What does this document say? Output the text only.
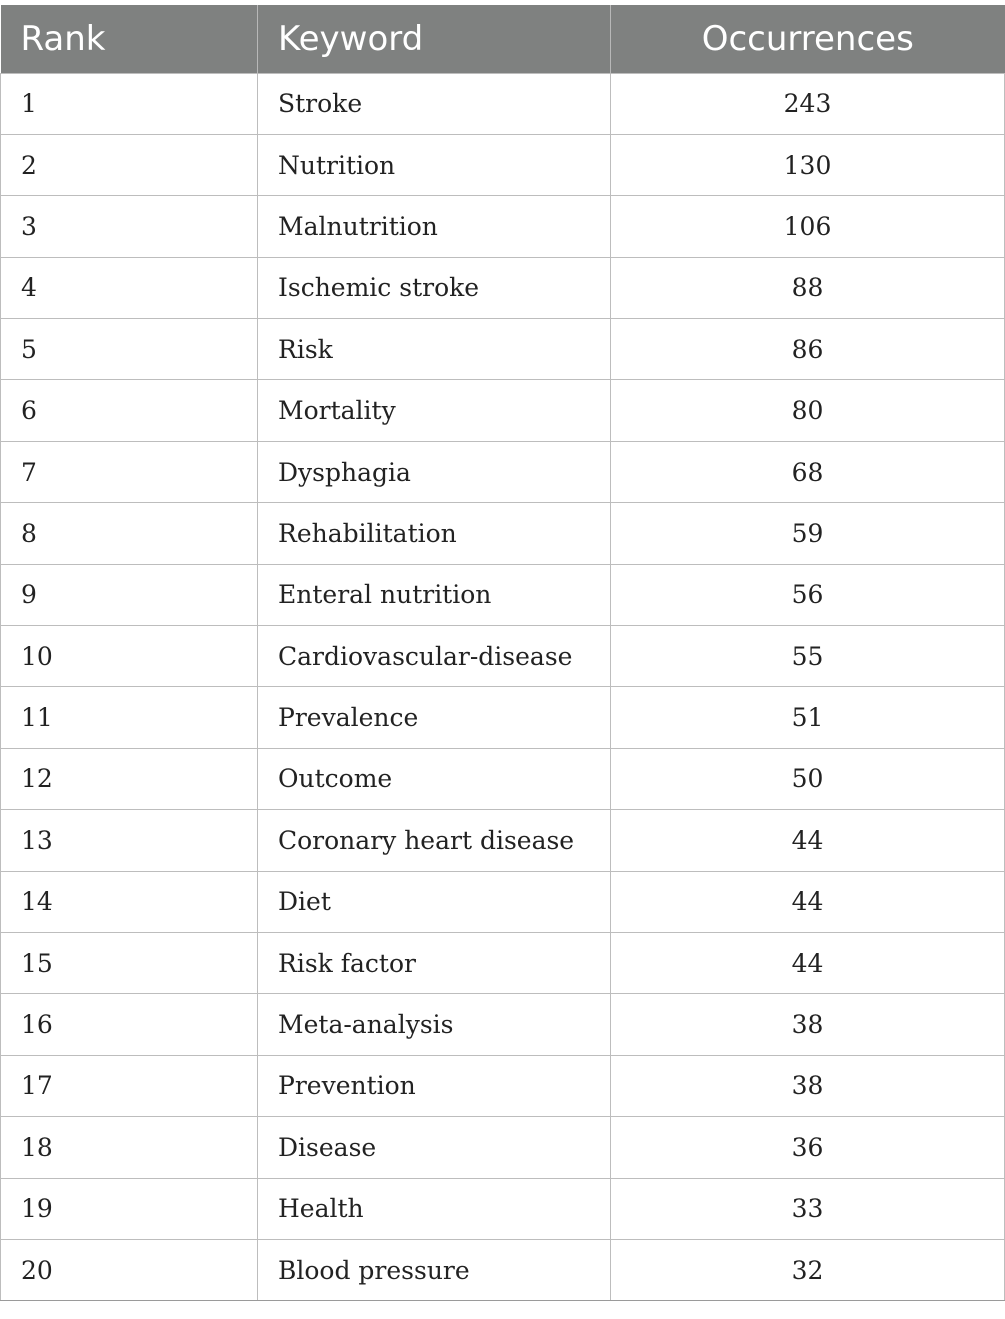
Rank	Keyword	Occurrences
1	Stroke	243
2	Nutrition	130
3	Malnutrition	106
4	Ischemic stroke	88
5	Risk	86
6	Mortality	80
7	Dysphagia	68
8	Rehabilitation	59
9	Enteral nutrition	56
10	Cardiovascular-disease	55
11	Prevalence	51
12	Outcome	50
13	Coronary heart disease	44
14	Diet	44
15	Risk factor	44
16	Meta-analysis	38
17	Prevention	38
18	Disease	36
19	Health	33
20	Blood pressure	32
